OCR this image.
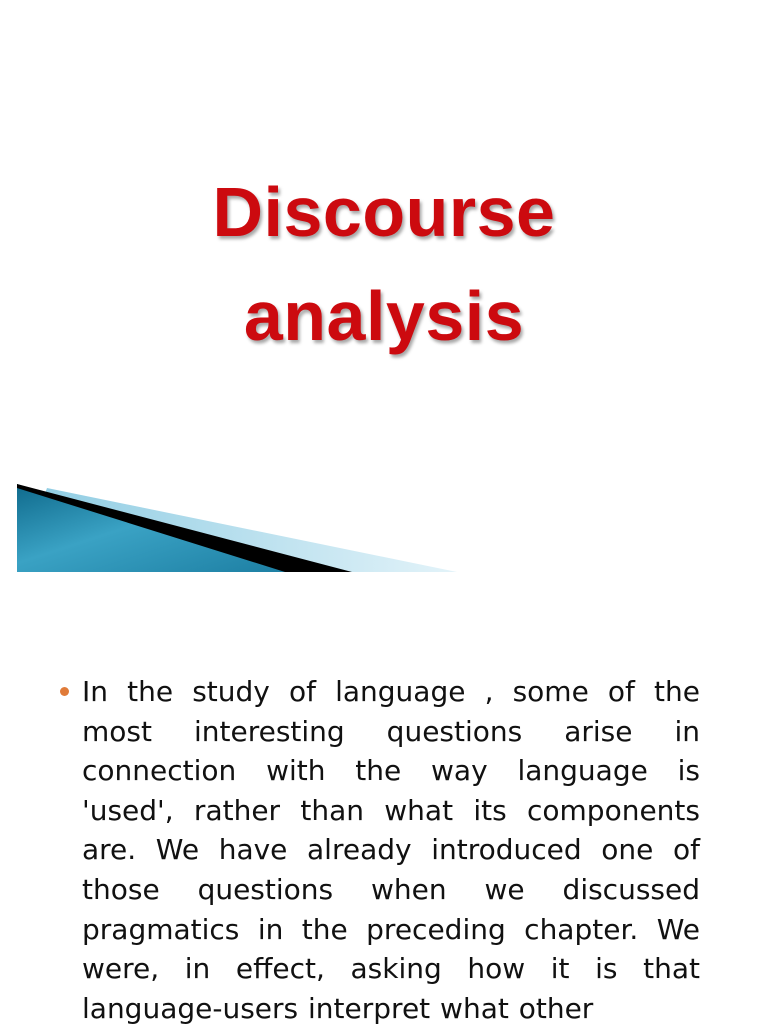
Discourse
analysis

In the study of language , some of the most interesting questions arise in connection with the way language is 'used', rather than what its components are. We have already introduced one of those questions when we discussed pragmatics in the preceding chapter. We were, in effect, asking how it is that language-users interpret what other
